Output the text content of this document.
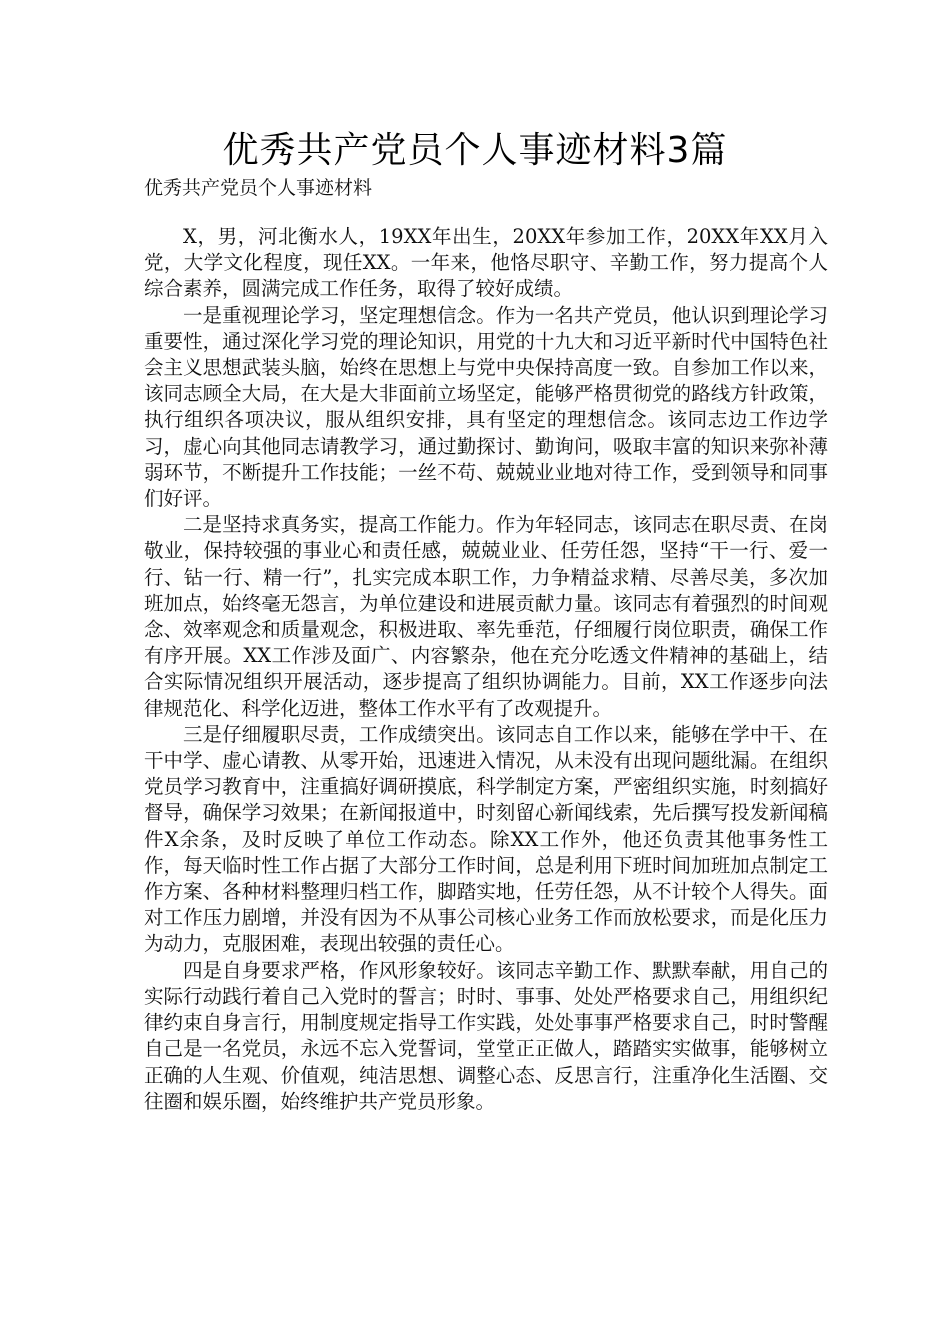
优秀共产党员个人事迹材料3篇

优秀共产党员个人事迹材料

X，男，河北衡水人，19XX年出生，20XX年参加工作，20XX年XX月入党，大学文化程度，现任XX。一年来，他恪尽职守、辛勤工作，努力提高个人综合素养，圆满完成工作任务，取得了较好成绩。

一是重视理论学习，坚定理想信念。作为一名共产党员，他认识到理论学习重要性，通过深化学习党的理论知识，用党的十九大和习近平新时代中国特色社会主义思想武装头脑，始终在思想上与党中央保持高度一致。自参加工作以来，该同志顾全大局，在大是大非面前立场坚定，能够严格贯彻党的路线方针政策，执行组织各项决议，服从组织安排，具有坚定的理想信念。该同志边工作边学习，虚心向其他同志请教学习，通过勤探讨、勤询问，吸取丰富的知识来弥补薄弱环节，不断提升工作技能；一丝不苟、兢兢业业地对待工作，受到领导和同事们好评。

二是坚持求真务实，提高工作能力。作为年轻同志，该同志在职尽责、在岗敬业，保持较强的事业心和责任感，兢兢业业、任劳任怨，坚持“干一行、爱一行、钻一行、精一行”，扎实完成本职工作，力争精益求精、尽善尽美，多次加班加点，始终毫无怨言，为单位建设和进展贡献力量。该同志有着强烈的时间观念、效率观念和质量观念，积极进取、率先垂范，仔细履行岗位职责，确保工作有序开展。XX工作涉及面广、内容繁杂，他在充分吃透文件精神的基础上，结合实际情况组织开展活动，逐步提高了组织协调能力。目前，XX工作逐步向法律规范化、科学化迈进，整体工作水平有了改观提升。

三是仔细履职尽责，工作成绩突出。该同志自工作以来，能够在学中干、在干中学、虚心请教、从零开始，迅速进入情况，从未没有出现问题纰漏。在组织党员学习教育中，注重搞好调研摸底，科学制定方案，严密组织实施，时刻搞好督导，确保学习效果；在新闻报道中，时刻留心新闻线索，先后撰写投发新闻稿件X余条，及时反映了单位工作动态。除XX工作外，他还负责其他事务性工作，每天临时性工作占据了大部分工作时间，总是利用下班时间加班加点制定工作方案、各种材料整理归档工作，脚踏实地，任劳任怨，从不计较个人得失。面对工作压力剧增，并没有因为不从事公司核心业务工作而放松要求，而是化压力为动力，克服困难，表现出较强的责任心。

四是自身要求严格，作风形象较好。该同志辛勤工作、默默奉献，用自己的实际行动践行着自己入党时的誓言；时时、事事、处处严格要求自己，用组织纪律约束自身言行，用制度规定指导工作实践，处处事事严格要求自己，时时警醒自己是一名党员，永远不忘入党誓词，堂堂正正做人，踏踏实实做事，能够树立正确的人生观、价值观，纯洁思想、调整心态、反思言行，注重净化生活圈、交往圈和娱乐圈，始终维护共产党员形象。
